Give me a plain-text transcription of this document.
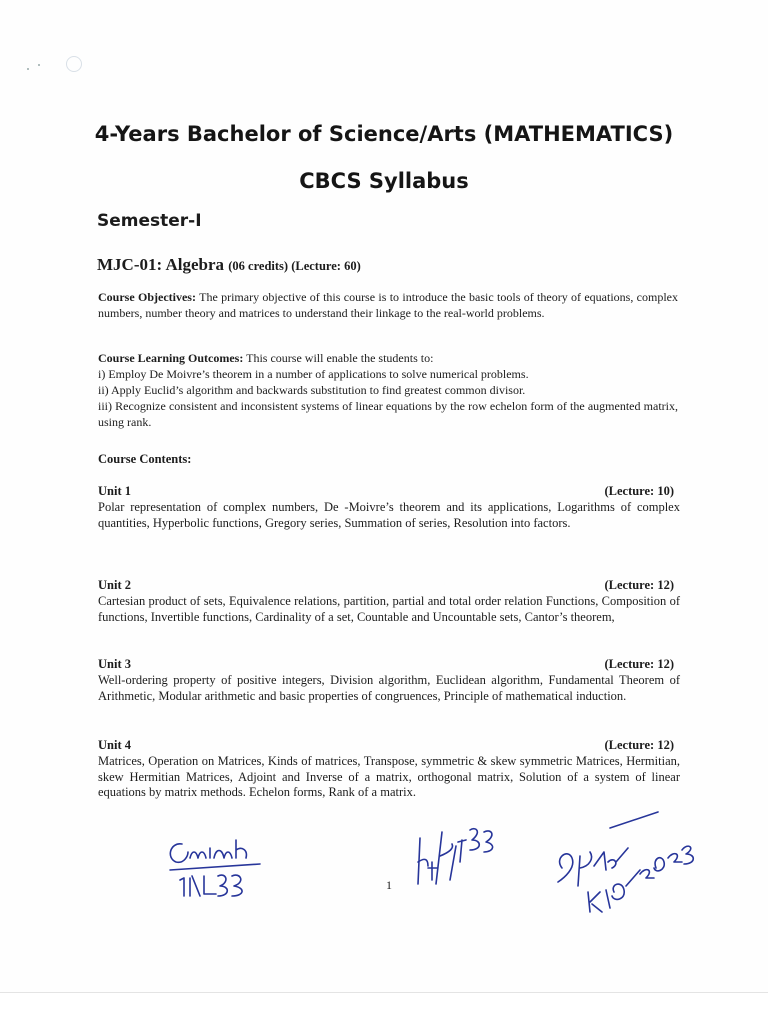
4-Years Bachelor of Science/Arts (MATHEMATICS)
CBCS Syllabus
Semester-I
MJC-01: Algebra (06 credits) (Lecture: 60)
Course Objectives: The primary objective of this course is to introduce the basic tools of theory of equations, complex numbers, number theory and matrices to understand their linkage to the real-world problems.
Course Learning Outcomes: This course will enable the students to:
i) Employ De Moivre’s theorem in a number of applications to solve numerical problems.
ii) Apply Euclid’s algorithm and backwards substitution to find greatest common divisor.
iii) Recognize consistent and inconsistent systems of linear equations by the row echelon form of the augmented matrix, using rank.
Course Contents:
Unit 1	(Lecture: 10)
Polar representation of complex numbers, De -Moivre’s theorem and its applications, Logarithms of complex quantities, Hyperbolic functions, Gregory series, Summation of series, Resolution into factors.
Unit 2	(Lecture: 12)
Cartesian product of sets, Equivalence relations, partition, partial and total order relation Functions, Composition of functions, Invertible functions, Cardinality of a set, Countable and Uncountable sets, Cantor’s theorem,
Unit 3	(Lecture: 12)
Well-ordering property of positive integers, Division algorithm, Euclidean algorithm, Fundamental Theorem of Arithmetic, Modular arithmetic and basic properties of congruences, Principle of mathematical induction.
Unit 4	(Lecture: 12)
Matrices, Operation on Matrices, Kinds of matrices, Transpose, symmetric & skew symmetric Matrices, Hermitian, skew Hermitian Matrices, Adjoint and Inverse of a matrix, orthogonal matrix, Solution of a system of linear equations by matrix methods. Echelon forms, Rank of a matrix.
1
